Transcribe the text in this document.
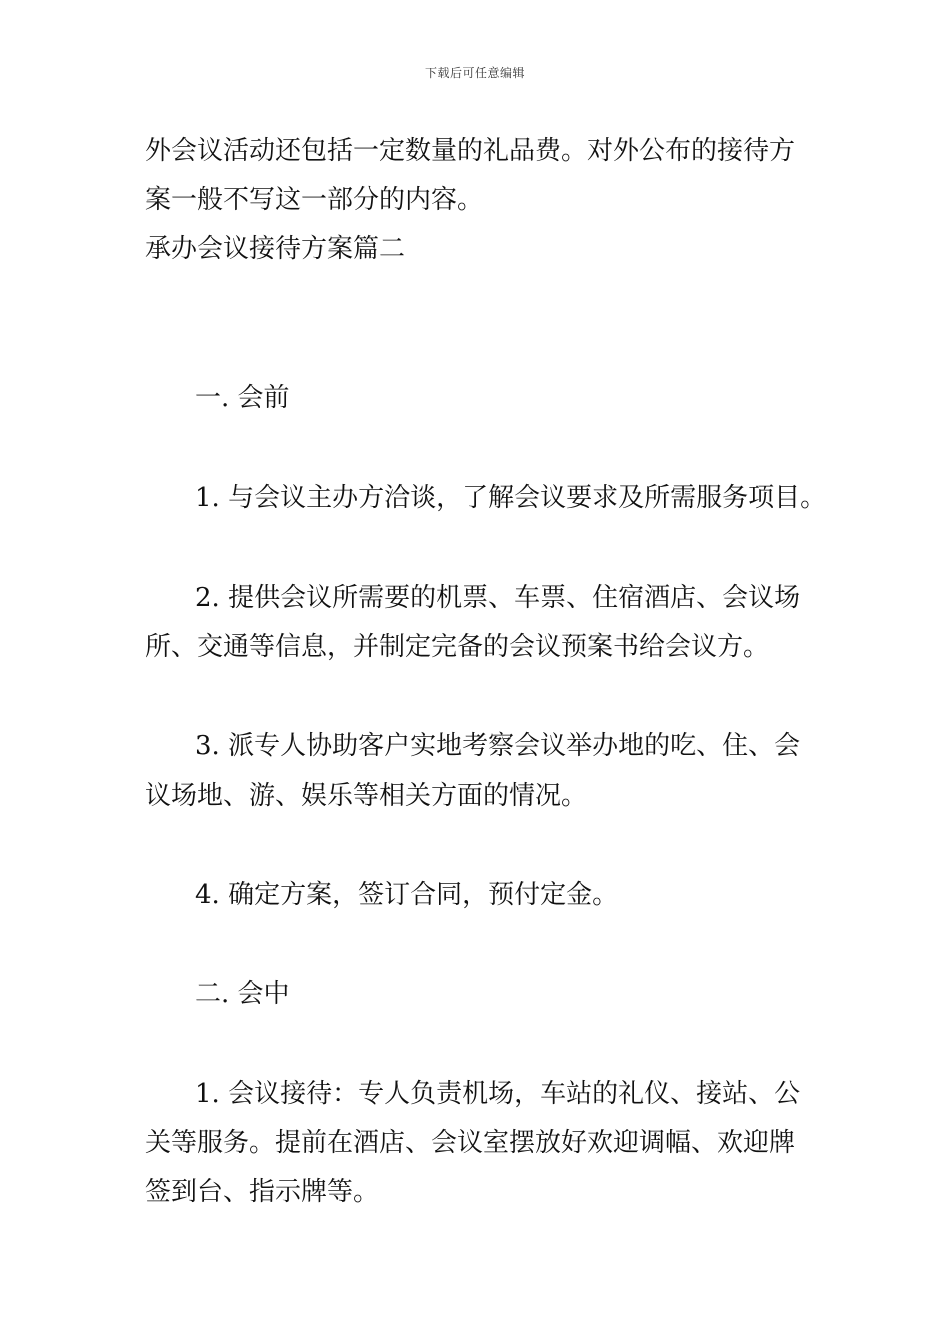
下载后可任意编辑
外会议活动还包括一定数量的礼品费。对外公布的接待方
案一般不写这一部分的内容。
承办会议接待方案篇二
一. 会前
1. 与会议主办方洽谈，了解会议要求及所需服务项目。
2. 提供会议所需要的机票、车票、住宿酒店、会议场
所、交通等信息，并制定完备的会议预案书给会议方。
3. 派专人协助客户实地考察会议举办地的吃、住、会
议场地、游、娱乐等相关方面的情况。
4. 确定方案，签订合同，预付定金。
二. 会中
1. 会议接待：专人负责机场，车站的礼仪、接站、公
关等服务。提前在酒店、会议室摆放好欢迎调幅、欢迎牌
签到台、指示牌等。
